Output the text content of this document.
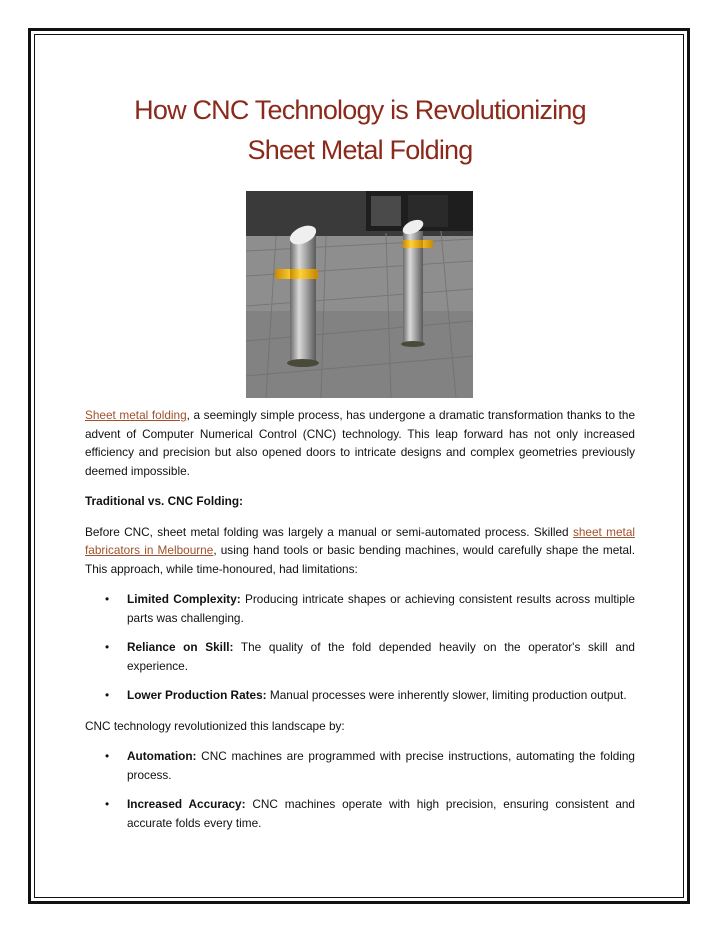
How CNC Technology is Revolutionizing
Sheet Metal Folding

Sheet metal folding, a seemingly simple process, has undergone a dramatic transformation thanks to the advent of Computer Numerical Control (CNC) technology. This leap forward has not only increased efficiency and precision but also opened doors to intricate designs and complex geometries previously deemed impossible.

Traditional vs. CNC Folding:

Before CNC, sheet metal folding was largely a manual or semi-automated process. Skilled sheet metal fabricators in Melbourne, using hand tools or basic bending machines, would carefully shape the metal. This approach, while time-honoured, had limitations:

• Limited Complexity: Producing intricate shapes or achieving consistent results across multiple parts was challenging.
• Reliance on Skill: The quality of the fold depended heavily on the operator's skill and experience.
• Lower Production Rates: Manual processes were inherently slower, limiting production output.

CNC technology revolutionized this landscape by:

• Automation: CNC machines are programmed with precise instructions, automating the folding process.
• Increased Accuracy: CNC machines operate with high precision, ensuring consistent and accurate folds every time.
